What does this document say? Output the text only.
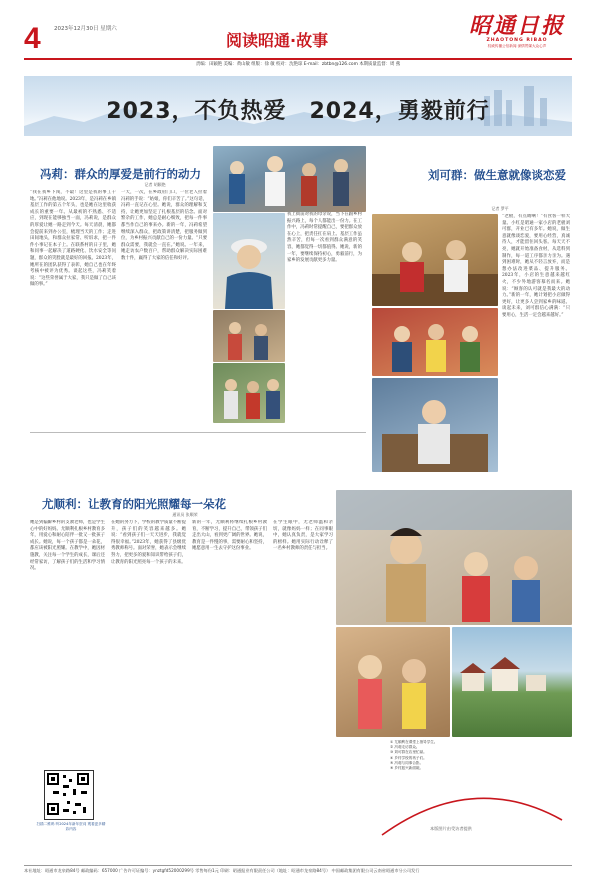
4 2023年12月30日 星期六
阅读昭通·故事
昭通日报
ZHAOTONG RIBAO
权威传播公信新闻 深情贯媒大众心声
责编：田颖艳 美编：黄山敏 组版：徐 敏 校对：沈艳琼 E-mail：zbtbn@126.com 本期质量监督：周 燕
2023，不负热爱　2024，勇毅前行
冯莉：群众的厚爱是前行的动力
记者 胡颖艳
“我在我乡下闯，不最！这里是我的事工干地。”冯莉在他地说。2023年，是冯莉在乡镇基层工作的第五个年头，也是她在这里收获成长的重要一年。从最初的不熟悉、不适应，到现在能够独当一面，冯莉说，是群众的厚爱让她一路走到今天。每天清晨，她都会提前来到办公室，梳理当天的工作；走进田间地头，和群众拉家常、听诉求，把一件件小事记在本子上。在联系村的日子里，她和同事一起解决了道路硬化、饮水安全等问题，群众的笑脸就是最好的回报。2023年，她所在的团队获得了表彰，她自己也在年终考核中被评为优秀。谈起这些，冯莉笑着说：“这些荣誉属于大家，我只是做了自己该做的事。”
一天，一次，在乡政府门口，一位老人拉着冯莉的手说：“姑娘，你们辛苦了。”这句话，冯莉一直记在心里。她说，群众的理解和支持，让她更加坚定了扎根基层的信念。面对繁杂的工作，她总是耐心细致，把每一件事都当作自己的事来办。新的一年，冯莉希望继续深入群众，把政策讲清楚，把服务做到位，为乡村振兴贡献自己的一份力量。“只要群众需要，我就会一直在。”她说。一年来，她走访农户数百户，帮助群众解决实际困难数十件，赢得了大家的信任和好评。
我上街前对我的母亲说，当下在跟乡村振兴路上，每个人都能出一份力。在工作中，冯莉时常提醒自己，要把群众放在心上，把责任扛在肩上。基层工作虽然辛苦，但每一次看到群众满意的笑容，她都觉得一切都值得。她说，新的一年，要继续保持初心，勇毅前行，为家乡的发展贡献更多力量。
刘可群：做生意就像谈恋爱
记者 罗平
“老板，有点睛啊！”有食客一样大量。小红是昭通一家小店的老板刘可群，开业已有多年。她说，做生意就像谈恋爱，要用心经营，真诚待人，才能留住回头客。每天天不亮，她就开始准备食材，从选料到制作，每一道工序都亲力亲为。遇到困难时，她从不轻言放弃，而是想办法改进菜品、提升服务。2023年，小店的生意越来越红火，不少外地游客慕名而来。她说：“顾客的认可就是我最大的动力。”新的一年，她计划把小店做得更好，让更多人尝到家乡的味道。谈起未来，刘可群信心满满：“只要用心，生活一定会越来越好。”
尤顺利：让教育的阳光照耀每一朵花
通讯员 张顺荣
她是到偏僻乡村的支教老师，也是学生心中的好妈妈。尤顺利扎根乡村教育多年，用爱心和耐心陪伴一批又一批孩子成长。她说，每一个孩子都是一朵花，都应该被阳光照耀。在教学中，她因材施教，关注每一个学生的成长，课后还经常家访，了解孩子们的生活和学习情况。
在她的努力下，学校的教学质量不断提升，孩子们的笑容越来越多。她说：“看到孩子们一天天进步，我就觉得很幸福。”2023年，她获得了县级优秀教师称号。面对荣誉，她表示会继续努力，把更多的爱和知识带给孩子们，让教育的阳光照亮每一个孩子的未来。
新的一年，尤顺利将继续扎根乡村教育，不断学习，提升自己，带领孩子们走出大山，看到更广阔的世界。她说，教育是一件慢的事，需要耐心和坚持，她愿意用一生去守护这份事业。
在学生眼中，尤老师温和亲切，就像妈妈一样；在同事眼中，她认真负责，是大家学习的榜样。她用实际行动诠释了一名乡村教师的责任与担当。
扫描二维码 听2024年新年贺词 观看更多精彩内容
① 尤顺利在课堂上指导学生。
② 冯莉走访群众。
③ 刘可群在店里忙碌。
④ 乡村学校的孩子们。
⑤ 冯莉与同事合影。
⑥ 乡村振兴新面貌。
本版图片由受访者提供
本社地址：昭通市龙泉路84号 邮政编码：657000 广告许可证编号：ynztgfd52000299号 零售每份1元 印刷：昭通报业有限责任公司（地址：昭通市龙泉路84号） 中国邮政集团有限公司云南省昭通市分公司发行
